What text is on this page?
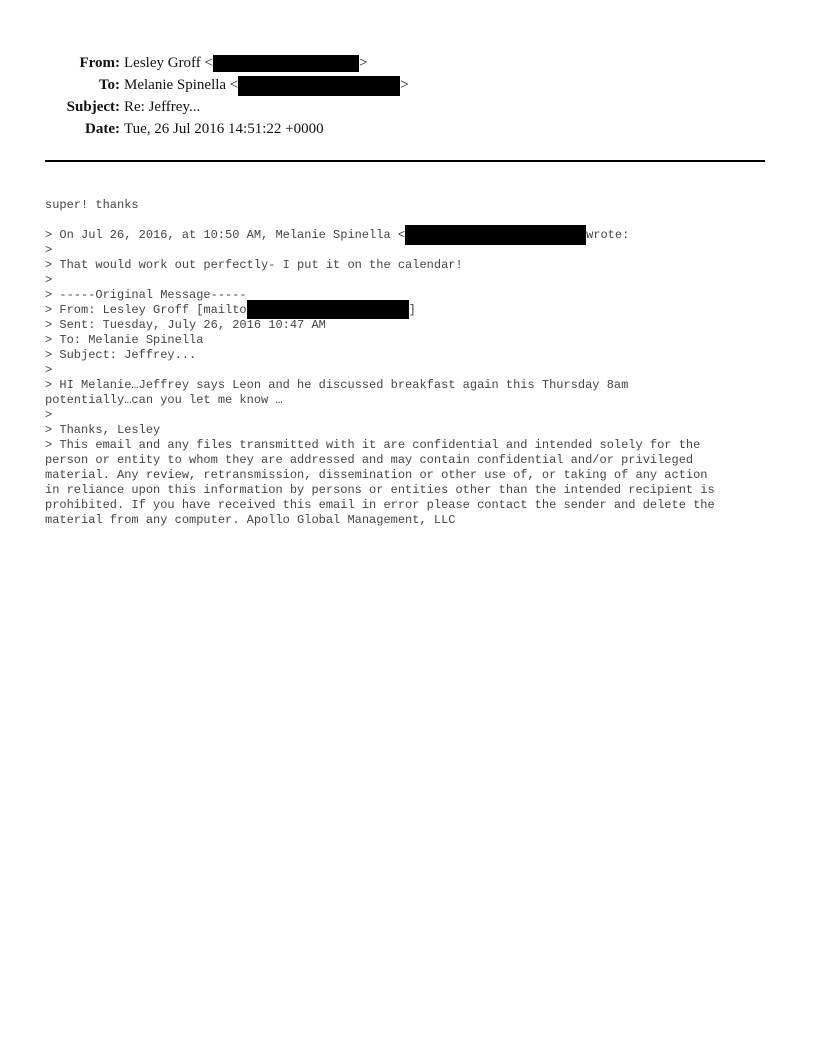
From: Lesley Groff <	>
To: Melanie Spinella <	>
Subject: Re: Jeffrey...
Date: Tue, 26 Jul 2016 14:51:22 +0000

super! thanks
> On Jul 26, 2016, at 10:50 AM, Melanie Spinella <	wrote:
>
> That would work out perfectly- I put it on the calendar!
>
> -----Original Message-----
> From: Lesley Groff [mailto	]
> Sent: Tuesday, July 26, 2016 10:47 AM
> To: Melanie Spinella
> Subject: Jeffrey...
>
> HI Melanie…Jeffrey says Leon and he discussed breakfast again this Thursday 8am
potentially…can you let me know …
>
> Thanks, Lesley
> This email and any files transmitted with it are confidential and intended solely for the
person or entity to whom they are addressed and may contain confidential and/or privileged
material. Any review, retransmission, dissemination or other use of, or taking of any action
in reliance upon this information by persons or entities other than the intended recipient is
prohibited. If you have received this email in error please contact the sender and delete the
material from any computer. Apollo Global Management, LLC
